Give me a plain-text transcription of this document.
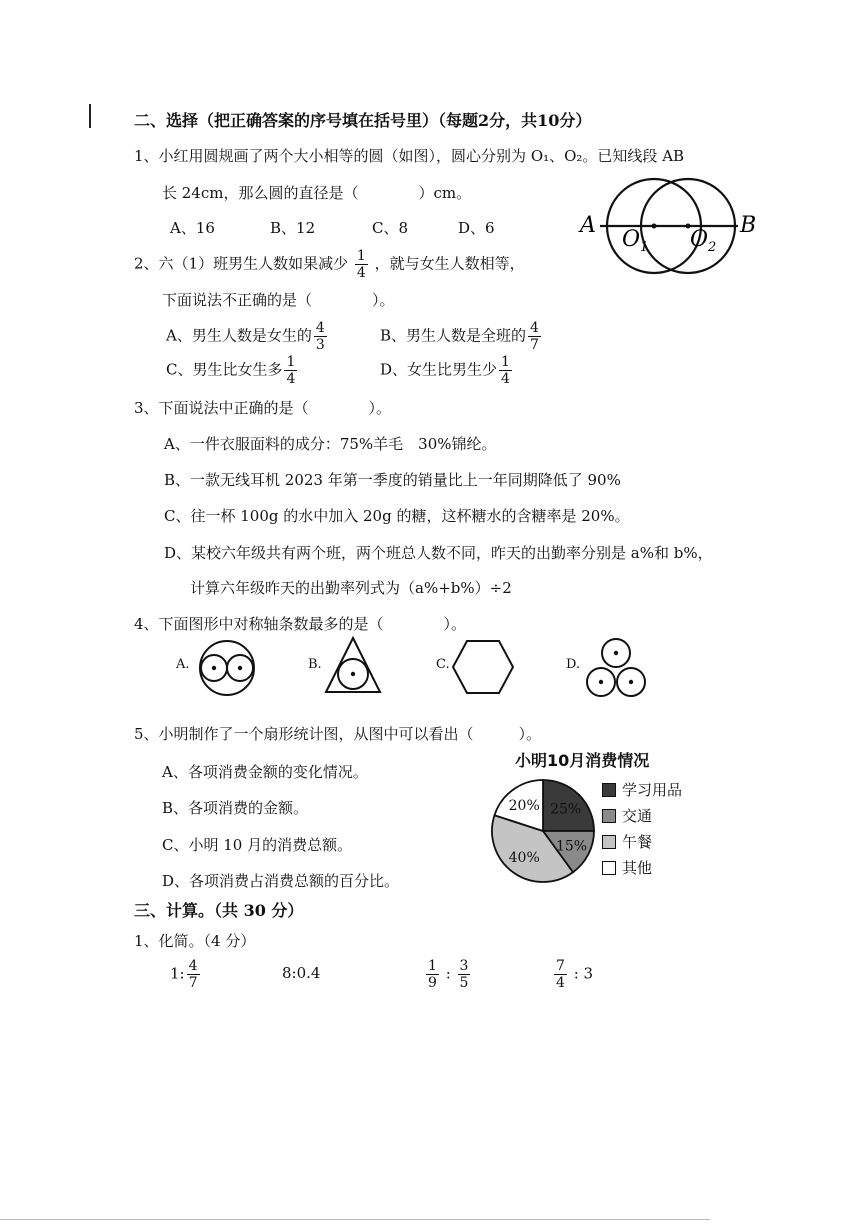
二、选择（把正确答案的序号填在括号里）（每题2分，共10分）
1、小红用圆规画了两个大小相等的圆（如图），圆心分别为 O₁、O₂。已知线段 AB
长 24cm，那么圆的直径是（　　　　）cm。
A、16	B、12	C、8	D、6	A	B
O 1 O 2
2、六（1）班男生人数如果减少 $\frac{1}{4}$ ，就与女生人数相等，
下面说法不正确的是（　　　　）。
A、男生人数是女生的 $\frac{4}{3}$	B、男生人数是全班的 $\frac{4}{7}$
C、男生比女生多 $\frac{1}{4}$	D、女生比男生少 $\frac{1}{4}$
3、下面说法中正确的是（　　　　）。
A、一件衣服面料的成分：75%羊毛　30%锦纶。
B、一款无线耳机 2023 年第一季度的销量比上一年同期降低了 90%
C、往一杯 100g 的水中加入 20g 的糖，这杯糖水的含糖率是 20%。
D、某校六年级共有两个班，两个班总人数不同，昨天的出勤率分别是 a%和 b%，
计算六年级昨天的出勤率列式为（a%+b%）÷2
4、下面图形中对称轴条数最多的是（　　　　）。
A.	B.	C.	D.
5、小明制作了一个扇形统计图，从图中可以看出（　　　）。
A、各项消费金额的变化情况。
B、各项消费的金额。
C、小明 10 月的消费总额。
D、各项消费占消费总额的百分比。
小明10月消费情况
25%
15%
40%
20%
学习用品
交通
午餐
其他
三、计算。（共 30 分）
1、化简。（4 分）
1: $\frac{4}{7}$	8:0.4	$\frac{1}{9}$ : $\frac{3}{5}$	$\frac{7}{4}$ : 3
